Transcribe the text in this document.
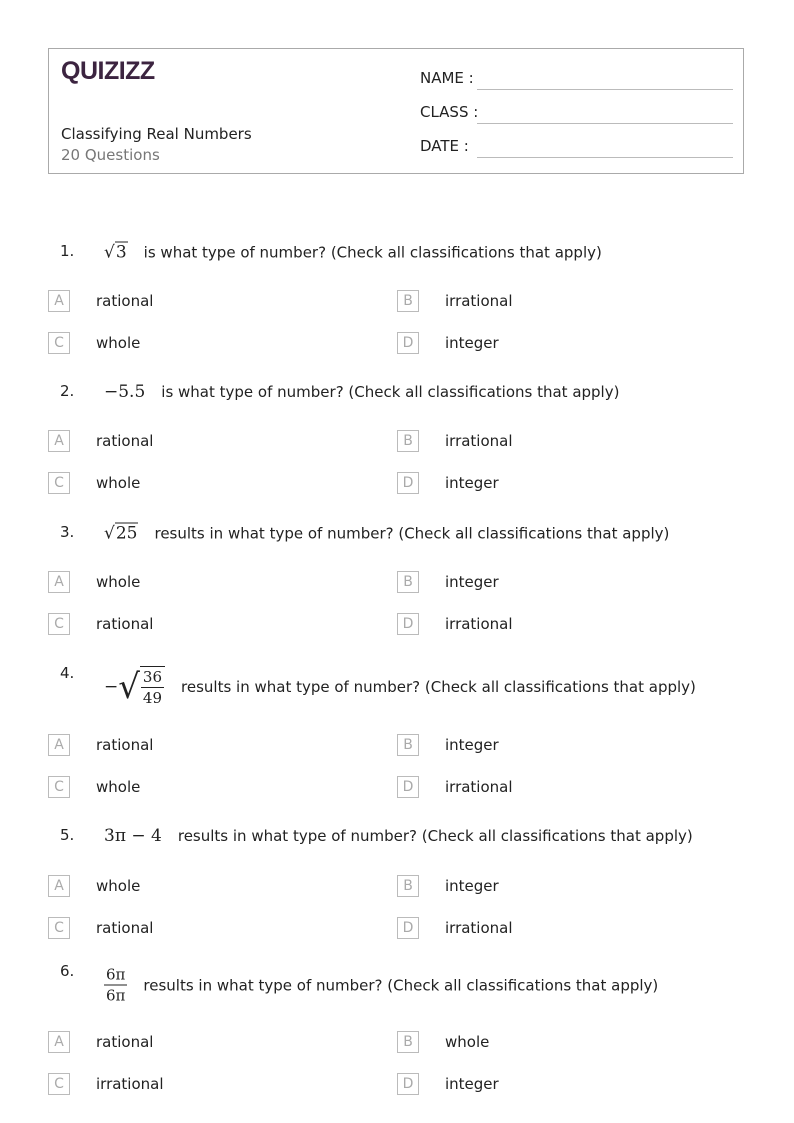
QUIZIZZ
Classifying Real Numbers
20 Questions
NAME :
CLASS :
DATE :
1. √ 3 is what type of number? (Check all classifications that apply)
A	rational	B	irrational
C	whole	D	integer
2. −5.5 is what type of number? (Check all classifications that apply)
A	rational	B	irrational
C	whole	D	integer
3. √ 25 results in what type of number? (Check all classifications that apply)
A	whole	B	integer
C	rational	D	irrational
4.
− √ $\frac{36}{49}$ results in what type of number? (Check all classifications that apply)
A	rational	B	integer
C	whole	D	irrational
5. 3π − 4 results in what type of number? (Check all classifications that apply)
A	whole	B	integer
C	rational	D	irrational
6. $\frac{6\pi}{6\pi}$ results in what type of number? (Check all classifications that apply)
A	rational	B	whole
C	irrational	D	integer
